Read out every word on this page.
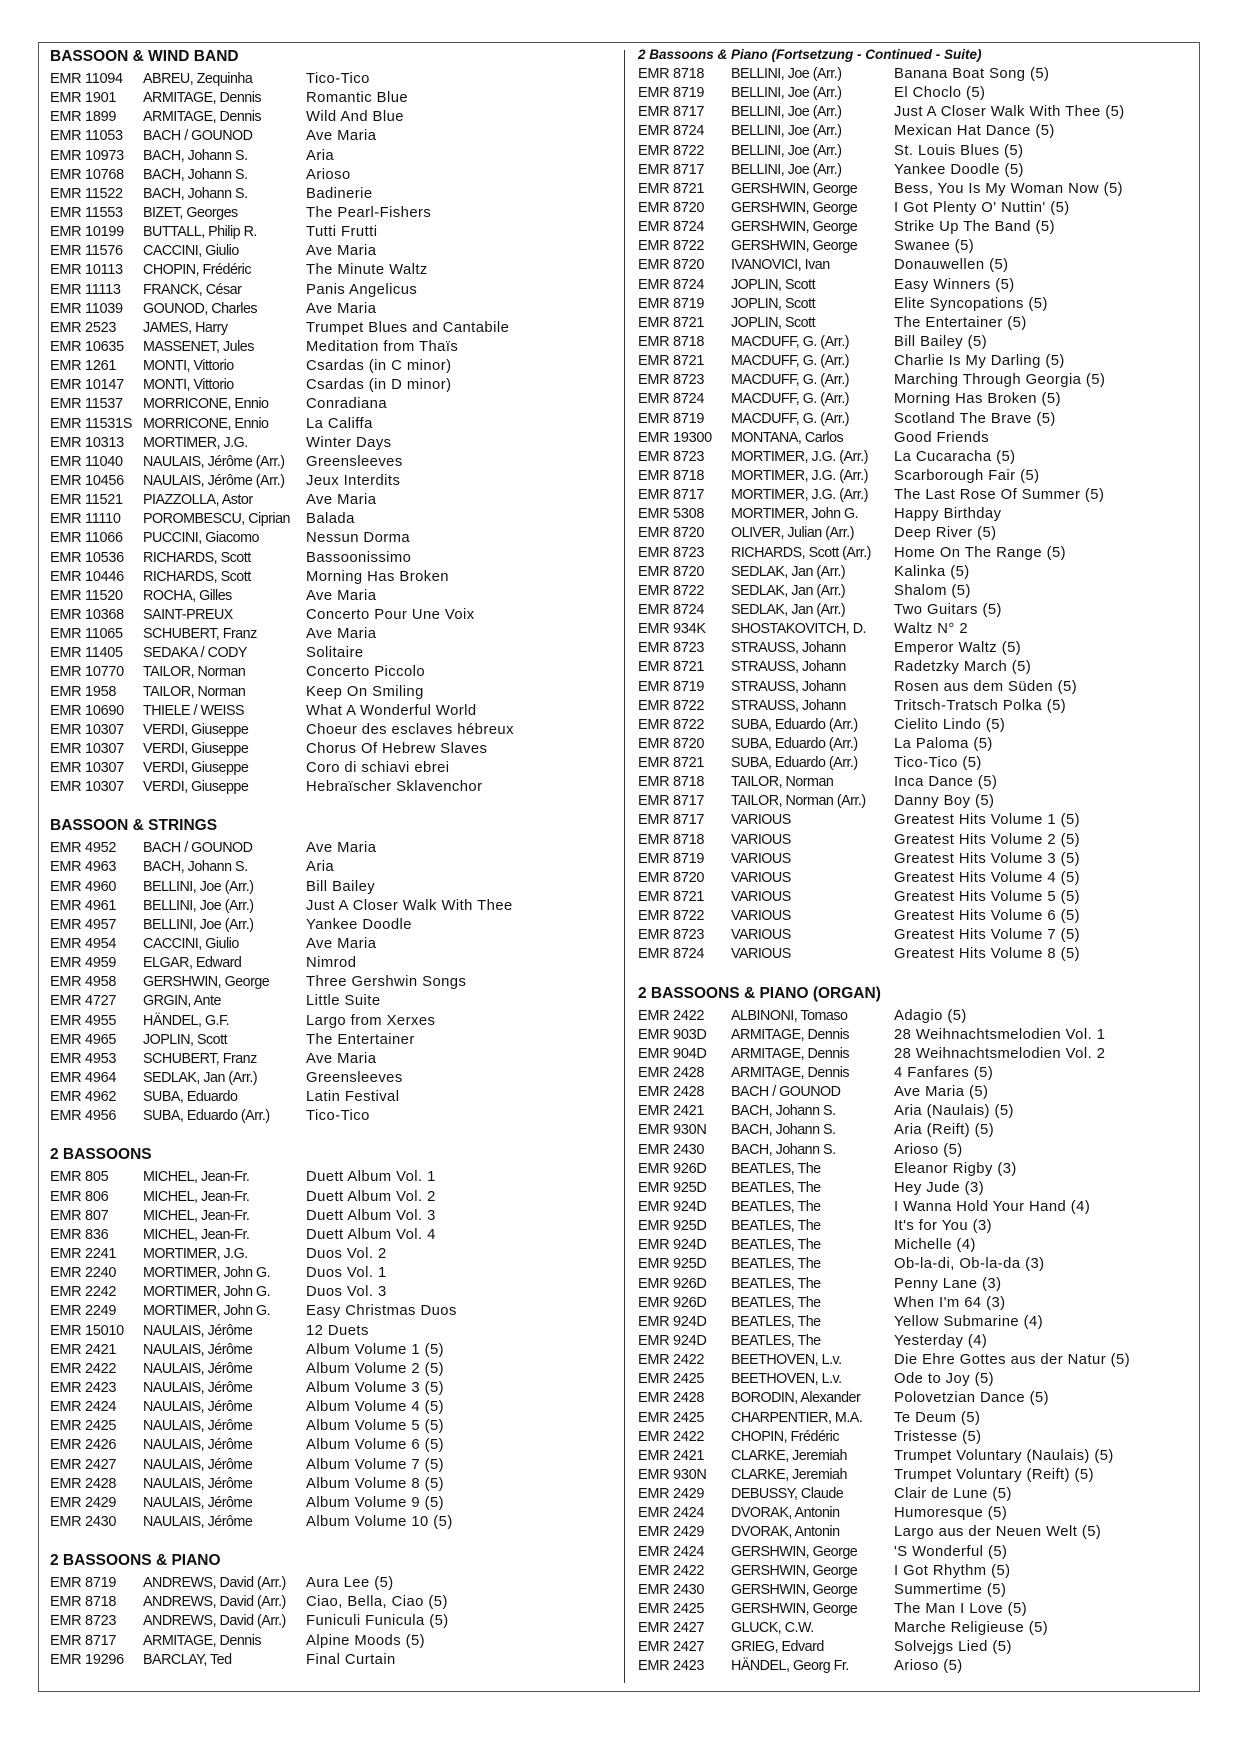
BASSOON & WIND BAND
EMR 11094	ABREU, Zequinha	Tico-Tico
EMR 1901	ARMITAGE, Dennis	Romantic Blue
EMR 1899	ARMITAGE, Dennis	Wild And Blue
EMR 11053	BACH / GOUNOD	Ave Maria
EMR 10973	BACH, Johann S.	Aria
EMR 10768	BACH, Johann S.	Arioso
EMR 11522	BACH, Johann S.	Badinerie
EMR 11553	BIZET, Georges	The Pearl-Fishers
EMR 10199	BUTTALL, Philip R.	Tutti Frutti
EMR 11576	CACCINI, Giulio	Ave Maria
EMR 10113	CHOPIN, Frédéric	The Minute Waltz
EMR 11113	FRANCK, César	Panis Angelicus
EMR 11039	GOUNOD, Charles	Ave Maria
EMR 2523	JAMES, Harry	Trumpet Blues and Cantabile
EMR 10635	MASSENET, Jules	Meditation from Thaïs
EMR 1261	MONTI, Vittorio	Csardas (in C minor)
EMR 10147	MONTI, Vittorio	Csardas (in D minor)
EMR 11537	MORRICONE, Ennio	Conradiana
EMR 11531S MORRICONE, Ennio	La Califfa
EMR 10313	MORTIMER, J.G.	Winter Days
EMR 11040	NAULAIS, Jérôme (Arr.)	Greensleeves
EMR 10456	NAULAIS, Jérôme (Arr.)	Jeux Interdits
EMR 11521	PIAZZOLLA, Astor	Ave Maria
EMR 11110	POROMBESCU, Ciprian	Balada
EMR 11066	PUCCINI, Giacomo	Nessun Dorma
EMR 10536	RICHARDS, Scott	Bassoonissimo
EMR 10446	RICHARDS, Scott	Morning Has Broken
EMR 11520	ROCHA, Gilles	Ave Maria
EMR 10368	SAINT-PREUX	Concerto Pour Une Voix
EMR 11065	SCHUBERT, Franz	Ave Maria
EMR 11405	SEDAKA / CODY	Solitaire
EMR 10770	TAILOR, Norman	Concerto Piccolo
EMR 1958	TAILOR, Norman	Keep On Smiling
EMR 10690	THIELE / WEISS	What A Wonderful World
EMR 10307	VERDI, Giuseppe	Choeur des esclaves hébreux
EMR 10307	VERDI, Giuseppe	Chorus Of Hebrew Slaves
EMR 10307	VERDI, Giuseppe	Coro di schiavi ebrei
EMR 10307	VERDI, Giuseppe	Hebraïscher Sklavenchor
BASSOON & STRINGS
EMR 4952	BACH / GOUNOD	Ave Maria
EMR 4963	BACH, Johann S.	Aria
EMR 4960	BELLINI, Joe (Arr.)	Bill Bailey
EMR 4961	BELLINI, Joe (Arr.)	Just A Closer Walk With Thee
EMR 4957	BELLINI, Joe (Arr.)	Yankee Doodle
EMR 4954	CACCINI, Giulio	Ave Maria
EMR 4959	ELGAR, Edward	Nimrod
EMR 4958	GERSHWIN, George	Three Gershwin Songs
EMR 4727	GRGIN, Ante	Little Suite
EMR 4955	HÄNDEL, G.F.	Largo from Xerxes
EMR 4965	JOPLIN, Scott	The Entertainer
EMR 4953	SCHUBERT, Franz	Ave Maria
EMR 4964	SEDLAK, Jan (Arr.)	Greensleeves
EMR 4962	SUBA, Eduardo	Latin Festival
EMR 4956	SUBA, Eduardo (Arr.)	Tico-Tico
2 BASSOONS
EMR 805	MICHEL, Jean-Fr.	Duett Album Vol. 1
EMR 806	MICHEL, Jean-Fr.	Duett Album Vol. 2
EMR 807	MICHEL, Jean-Fr.	Duett Album Vol. 3
EMR 836	MICHEL, Jean-Fr.	Duett Album Vol. 4
EMR 2241	MORTIMER, J.G.	Duos Vol. 2
EMR 2240	MORTIMER, John G.	Duos Vol. 1
EMR 2242	MORTIMER, John G.	Duos Vol. 3
EMR 2249	MORTIMER, John G.	Easy Christmas Duos
EMR 15010	NAULAIS, Jérôme	12 Duets
EMR 2421	NAULAIS, Jérôme	Album Volume 1 (5)
EMR 2422	NAULAIS, Jérôme	Album Volume 2 (5)
EMR 2423	NAULAIS, Jérôme	Album Volume 3 (5)
EMR 2424	NAULAIS, Jérôme	Album Volume 4 (5)
EMR 2425	NAULAIS, Jérôme	Album Volume 5 (5)
EMR 2426	NAULAIS, Jérôme	Album Volume 6 (5)
EMR 2427	NAULAIS, Jérôme	Album Volume 7 (5)
EMR 2428	NAULAIS, Jérôme	Album Volume 8 (5)
EMR 2429	NAULAIS, Jérôme	Album Volume 9 (5)
EMR 2430	NAULAIS, Jérôme	Album Volume 10 (5)
2 BASSOONS & PIANO
EMR 8719	ANDREWS, David (Arr.)	Aura Lee (5)
EMR 8718	ANDREWS, David (Arr.)	Ciao, Bella, Ciao (5)
EMR 8723	ANDREWS, David (Arr.)	Funiculi Funicula (5)
EMR 8717	ARMITAGE, Dennis	Alpine Moods (5)
EMR 19296	BARCLAY, Ted	Final Curtain
2 Bassoons & Piano (Fortsetzung - Continued - Suite)
EMR 8718	BELLINI, Joe (Arr.)	Banana Boat Song (5)
EMR 8719	BELLINI, Joe (Arr.)	El Choclo (5)
EMR 8717	BELLINI, Joe (Arr.)	Just A Closer Walk With Thee (5)
EMR 8724	BELLINI, Joe (Arr.)	Mexican Hat Dance (5)
EMR 8722	BELLINI, Joe (Arr.)	St. Louis Blues (5)
EMR 8717	BELLINI, Joe (Arr.)	Yankee Doodle (5)
EMR 8721	GERSHWIN, George	Bess, You Is My Woman Now (5)
EMR 8720	GERSHWIN, George	I Got Plenty O' Nuttin' (5)
EMR 8724	GERSHWIN, George	Strike Up The Band (5)
EMR 8722	GERSHWIN, George	Swanee (5)
EMR 8720	IVANOVICI, Ivan	Donauwellen (5)
EMR 8724	JOPLIN, Scott	Easy Winners (5)
EMR 8719	JOPLIN, Scott	Elite Syncopations (5)
EMR 8721	JOPLIN, Scott	The Entertainer (5)
EMR 8718	MACDUFF, G. (Arr.)	Bill Bailey (5)
EMR 8721	MACDUFF, G. (Arr.)	Charlie Is My Darling (5)
EMR 8723	MACDUFF, G. (Arr.)	Marching Through Georgia (5)
EMR 8724	MACDUFF, G. (Arr.)	Morning Has Broken (5)
EMR 8719	MACDUFF, G. (Arr.)	Scotland The Brave (5)
EMR 19300	MONTANA, Carlos	Good Friends
EMR 8723	MORTIMER, J.G. (Arr.)	La Cucaracha (5)
EMR 8718	MORTIMER, J.G. (Arr.)	Scarborough Fair (5)
EMR 8717	MORTIMER, J.G. (Arr.)	The Last Rose Of Summer (5)
EMR 5308	MORTIMER, John G.	Happy Birthday
EMR 8720	OLIVER, Julian (Arr.)	Deep River (5)
EMR 8723	RICHARDS, Scott (Arr.)	Home On The Range (5)
EMR 8720	SEDLAK, Jan (Arr.)	Kalinka (5)
EMR 8722	SEDLAK, Jan (Arr.)	Shalom (5)
EMR 8724	SEDLAK, Jan (Arr.)	Two Guitars (5)
EMR 934K	SHOSTAKOVITCH, D.	Waltz N° 2
EMR 8723	STRAUSS, Johann	Emperor Waltz (5)
EMR 8721	STRAUSS, Johann	Radetzky March (5)
EMR 8719	STRAUSS, Johann	Rosen aus dem Süden (5)
EMR 8722	STRAUSS, Johann	Tritsch-Tratsch Polka (5)
EMR 8722	SUBA, Eduardo (Arr.)	Cielito Lindo (5)
EMR 8720	SUBA, Eduardo (Arr.)	La Paloma (5)
EMR 8721	SUBA, Eduardo (Arr.)	Tico-Tico (5)
EMR 8718	TAILOR, Norman	Inca Dance (5)
EMR 8717	TAILOR, Norman (Arr.)	Danny Boy (5)
EMR 8717	VARIOUS	Greatest Hits Volume 1 (5)
EMR 8718	VARIOUS	Greatest Hits Volume 2 (5)
EMR 8719	VARIOUS	Greatest Hits Volume 3 (5)
EMR 8720	VARIOUS	Greatest Hits Volume 4 (5)
EMR 8721	VARIOUS	Greatest Hits Volume 5 (5)
EMR 8722	VARIOUS	Greatest Hits Volume 6 (5)
EMR 8723	VARIOUS	Greatest Hits Volume 7 (5)
EMR 8724	VARIOUS	Greatest Hits Volume 8 (5)
2 BASSOONS & PIANO (ORGAN)
EMR 2422	ALBINONI, Tomaso	Adagio (5)
EMR 903D	ARMITAGE, Dennis	28 Weihnachtsmelodien Vol. 1
EMR 904D	ARMITAGE, Dennis	28 Weihnachtsmelodien Vol. 2
EMR 2428	ARMITAGE, Dennis	4 Fanfares (5)
EMR 2428	BACH / GOUNOD	Ave Maria (5)
EMR 2421	BACH, Johann S.	Aria (Naulais) (5)
EMR 930N	BACH, Johann S.	Aria (Reift) (5)
EMR 2430	BACH, Johann S.	Arioso (5)
EMR 926D	BEATLES, The	Eleanor Rigby (3)
EMR 925D	BEATLES, The	Hey Jude (3)
EMR 924D	BEATLES, The	I Wanna Hold Your Hand (4)
EMR 925D	BEATLES, The	It's for You (3)
EMR 924D	BEATLES, The	Michelle (4)
EMR 925D	BEATLES, The	Ob-la-di, Ob-la-da (3)
EMR 926D	BEATLES, The	Penny Lane (3)
EMR 926D	BEATLES, The	When I'm 64 (3)
EMR 924D	BEATLES, The	Yellow Submarine (4)
EMR 924D	BEATLES, The	Yesterday (4)
EMR 2422	BEETHOVEN, L.v.	Die Ehre Gottes aus der Natur (5)
EMR 2425	BEETHOVEN, L.v.	Ode to Joy (5)
EMR 2428	BORODIN, Alexander	Polovetzian Dance (5)
EMR 2425	CHARPENTIER, M.A.	Te Deum (5)
EMR 2422	CHOPIN, Frédéric	Tristesse (5)
EMR 2421	CLARKE, Jeremiah	Trumpet Voluntary (Naulais) (5)
EMR 930N	CLARKE, Jeremiah	Trumpet Voluntary (Reift) (5)
EMR 2429	DEBUSSY, Claude	Clair de Lune (5)
EMR 2424	DVORAK, Antonin	Humoresque (5)
EMR 2429	DVORAK, Antonin	Largo aus der Neuen Welt (5)
EMR 2424	GERSHWIN, George	'S Wonderful (5)
EMR 2422	GERSHWIN, George	I Got Rhythm (5)
EMR 2430	GERSHWIN, George	Summertime (5)
EMR 2425	GERSHWIN, George	The Man I Love (5)
EMR 2427	GLUCK, C.W.	Marche Religieuse (5)
EMR 2427	GRIEG, Edvard	Solvejgs Lied (5)
EMR 2423	HÄNDEL, Georg Fr.	Arioso (5)
